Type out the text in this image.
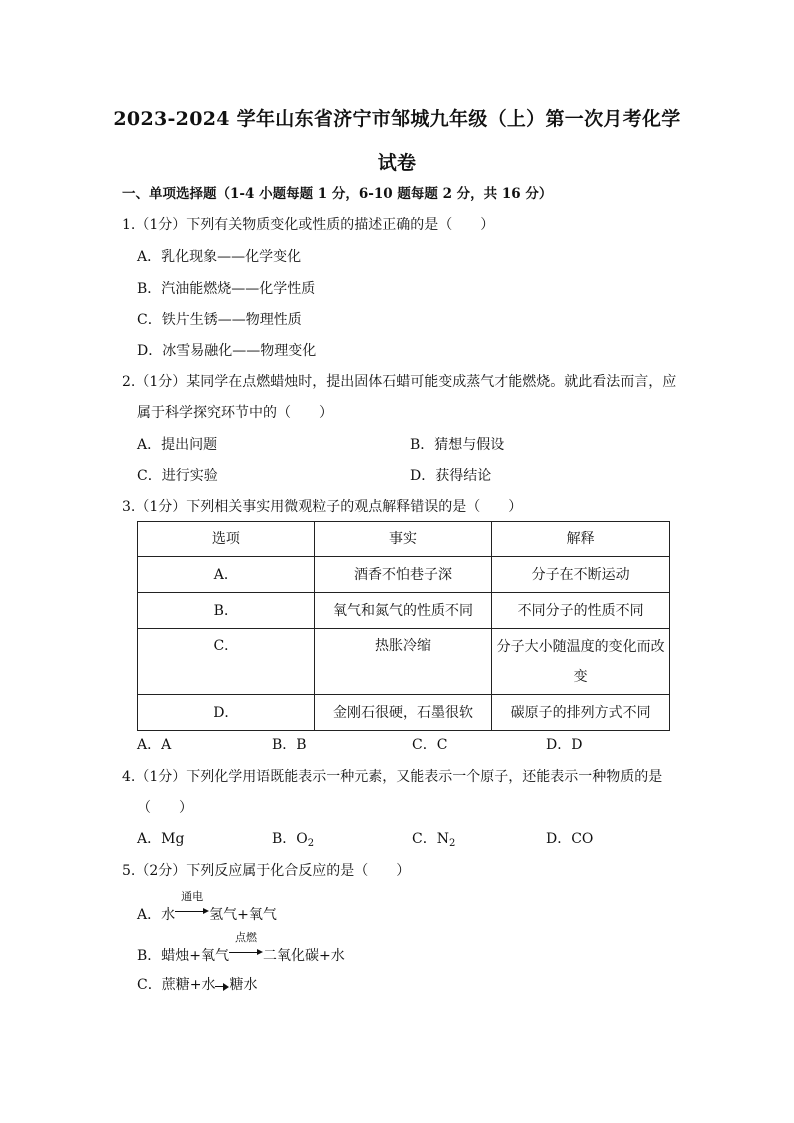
2023-2024 学年山东省济宁市邹城九年级（上）第一次月考化学
试卷
一、单项选择题（1-4 小题每题 1 分，6-10 题每题 2 分，共 16 分）
1.（1分）下列有关物质变化或性质的描述正确的是（　　）
A．乳化现象——化学变化
B．汽油能燃烧——化学性质
C．铁片生锈——物理性质
D．冰雪易融化——物理变化
2.（1分）某同学在点燃蜡烛时，提出固体石蜡可能变成蒸气才能燃烧。就此看法而言，应
属于科学探究环节中的（　　）
A．提出问题	B．猜想与假设
C．进行实验	D．获得结论
3.（1分）下列相关事实用微观粒子的观点解释错误的是（　　）
选项	事实	解释
A．	酒香不怕巷子深	分子在不断运动
B．	氧气和氮气的性质不同	不同分子的性质不同
C．	热胀冷缩	分子大小随温度的变化而改变
D．	金刚石很硬，石墨很软	碳原子的排列方式不同
A．A	B．B	C．C	D．D
4.（1分）下列化学用语既能表示一种元素，又能表示一个原子，还能表示一种物质的是
（　　）
A．Mg	B．$O_2$	C．$N_2$	D．CO
5.（2分）下列反应属于化合反应的是（　　）
A．水
通电
氢气+氧气
B．蜡烛+氧气
点燃
二氧化碳+水
C．蔗糖+水 糖水
